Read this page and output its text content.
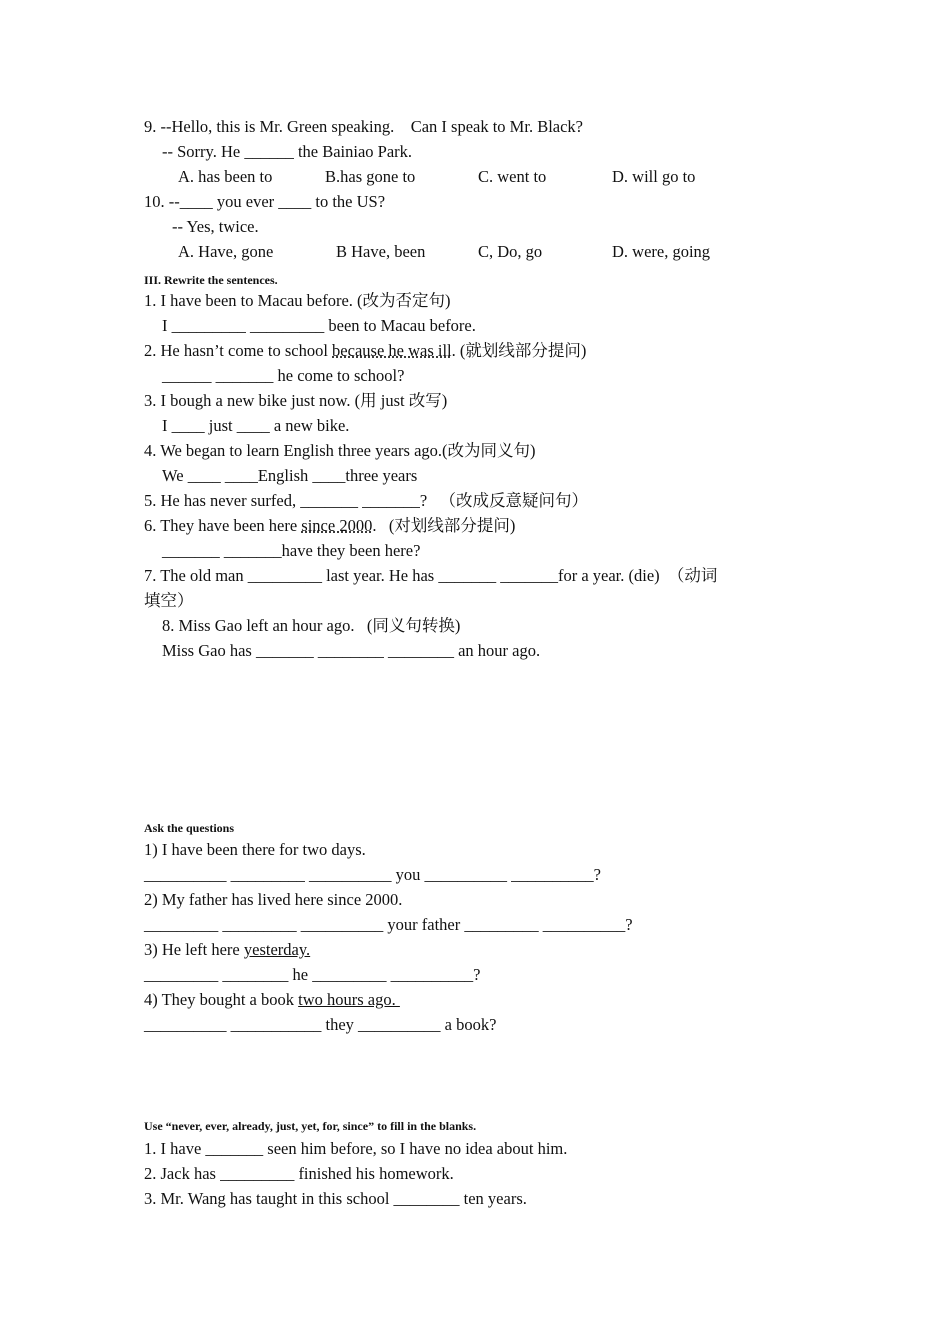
9. --Hello, this is Mr. Green speaking.    Can I speak to Mr. Black?
-- Sorry. He ______ the Bainiao Park.
A. has been to	B.has gone to	C. went to	D. will go to
10. --____ you ever ____ to the US?
-- Yes, twice.
A. Have, gone	B Have, been	C, Do, go	D. were, going
III. Rewrite the sentences.
1. I have been to Macau before. (改为否定句)
I _________ _________ been to Macau before.
2. He hasn’t come to school because he was ill. (就划线部分提问)
______ _______ he come to school?
3. I bough a new bike just now. (用 just 改写)
I ____ just ____ a new bike.
4. We began to learn English three years ago.(改为同义句)
We ____ ____English ____three years
5. He has never surfed, _______ _______?   （改成反意疑问句）
6. They have been here since 2000.   (对划线部分提问)
_______ _______have they been here?
7. The old man _________ last year. He has _______ _______for a year. (die)  （动词
填空）
8. Miss Gao left an hour ago.   (同义句转换)
Miss Gao has _______ ________ ________ an hour ago.
Ask the questions
1) I have been there for two days.
__________ _________ __________ you __________ __________?
2) My father has lived here since 2000.
_________ _________ __________ your father _________ __________?
3) He left here yesterday.
_________ ________ he _________ __________?
4) They bought a book two hours ago.
__________ ___________ they __________ a book?
Use “never, ever, already, just, yet, for, since” to fill in the blanks.
1. I have _______ seen him before, so I have no idea about him.
2. Jack has _________ finished his homework.
3. Mr. Wang has taught in this school ________ ten years.
